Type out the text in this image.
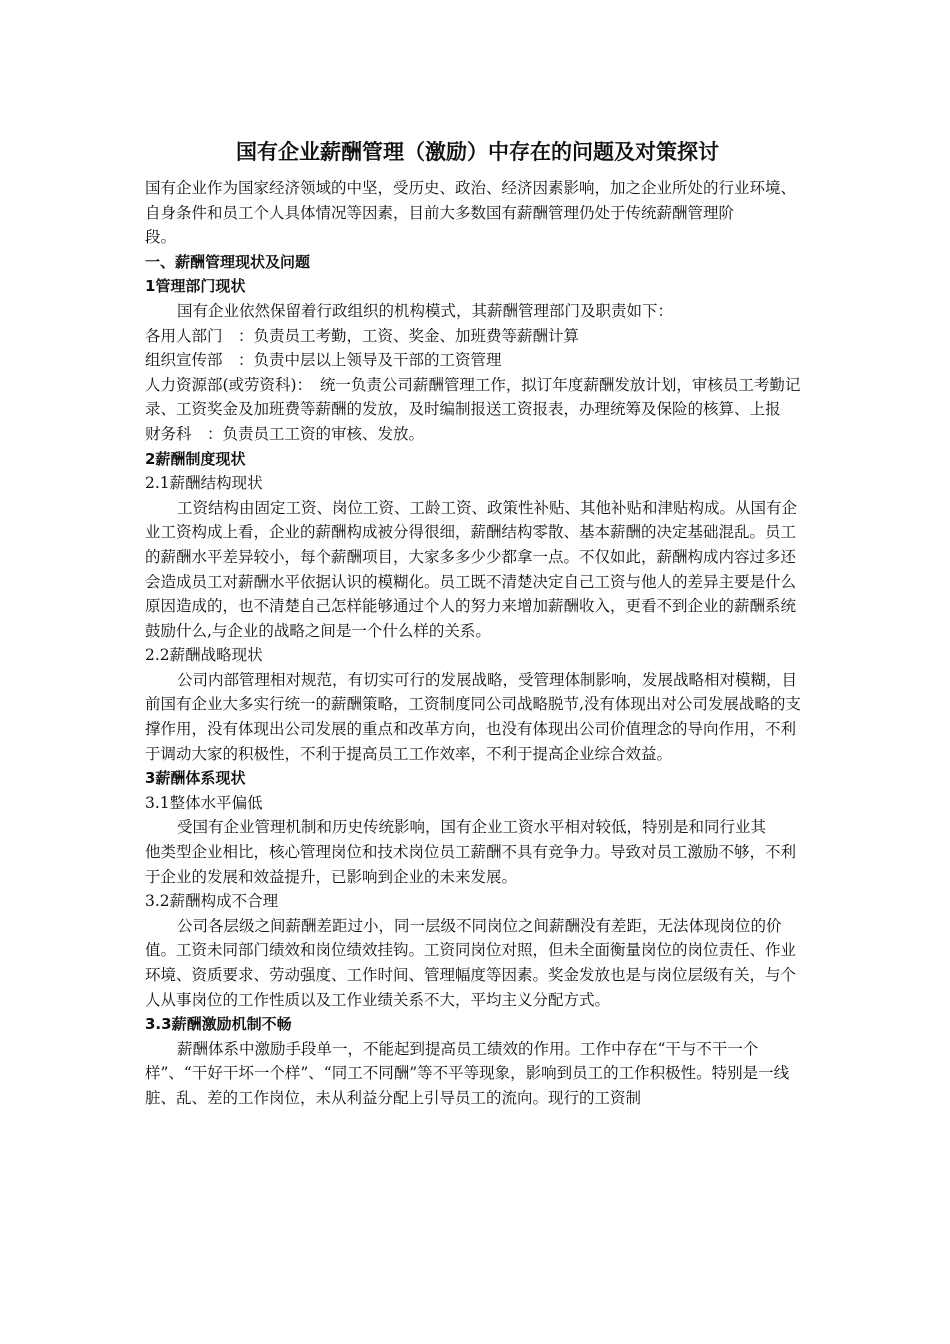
国有企业薪酬管理（激励）中存在的问题及对策探讨

国有企业作为国家经济领域的中坚，受历史、政治、经济因素影响，加之企业所处的行业环境、自身条件和员工个人具体情况等因素，目前大多数国有薪酬管理仍处于传统薪酬管理阶

段。

一、薪酬管理现状及问题

1管理部门现状

国有企业依然保留着行政组织的机构模式，其薪酬管理部门及职责如下：

各用人部门　：负责员工考勤，工资、奖金、加班费等薪酬计算

组织宣传部　：负责中层以上领导及干部的工资管理

人力资源部(或劳资科)：　统一负责公司薪酬管理工作，拟订年度薪酬发放计划，审核员工考勤记录、工资奖金及加班费等薪酬的发放，及时编制报送工资报表，办理统筹及保险的核算、上报

财务科　：负责员工工资的审核、发放。

2薪酬制度现状

2.1薪酬结构现状

工资结构由固定工资、岗位工资、工龄工资、政策性补贴、其他补贴和津贴构成。从国有企业工资构成上看，企业的薪酬构成被分得很细，薪酬结构零散、基本薪酬的决定基础混乱。员工的薪酬水平差异较小，每个薪酬项目，大家多多少少都拿一点。不仅如此，薪酬构成内容过多还会造成员工对薪酬水平依据认识的模糊化。员工既不清楚决定自己工资与他人的差异主要是什么原因造成的，也不清楚自己怎样能够通过个人的努力来增加薪酬收入，更看不到企业的薪酬系统鼓励什么,与企业的战略之间是一个什么样的关系。

2.2薪酬战略现状

公司内部管理相对规范，有切实可行的发展战略，受管理体制影响，发展战略相对模糊，目前国有企业大多实行统一的薪酬策略，工资制度同公司战略脱节,没有体现出对公司发展战略的支撑作用，没有体现出公司发展的重点和改革方向，也没有体现出公司价值理念的导向作用，不利于调动大家的积极性，不利于提高员工工作效率，不利于提高企业综合效益。

3薪酬体系现状

3.1整体水平偏低

受国有企业管理机制和历史传统影响，国有企业工资水平相对较低，特别是和同行业其

他类型企业相比，核心管理岗位和技术岗位员工薪酬不具有竞争力。导致对员工激励不够，不利于企业的发展和效益提升，已影响到企业的未来发展。

3.2薪酬构成不合理

公司各层级之间薪酬差距过小，同一层级不同岗位之间薪酬没有差距，无法体现岗位的价值。工资未同部门绩效和岗位绩效挂钩。工资同岗位对照，但未全面衡量岗位的岗位责任、作业环境、资质要求、劳动强度、工作时间、管理幅度等因素。奖金发放也是与岗位层级有关，与个人从事岗位的工作性质以及工作业绩关系不大，平均主义分配方式。

3.3薪酬激励机制不畅

薪酬体系中激励手段单一，不能起到提高员工绩效的作用。工作中存在“干与不干一个样”、“干好干坏一个样”、“同工不同酬”等不平等现象，影响到员工的工作积极性。特别是一线脏、乱、差的工作岗位，未从利益分配上引导员工的流向。现行的工资制
